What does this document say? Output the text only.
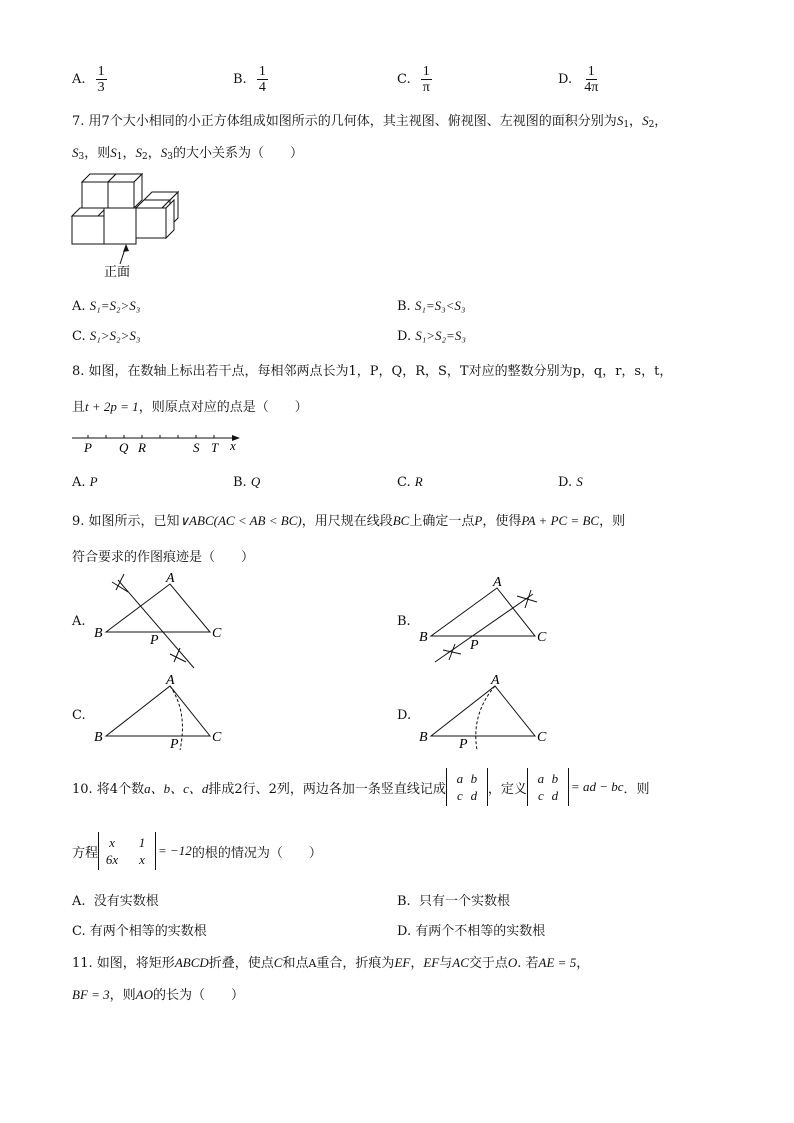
A. $\frac{1}{3}$	B. $\frac{1}{4}$	C. $\frac{1}{\pi}$	D. $\frac{1}{4\pi}$
7. 用7个大小相同的小正方体组成如图所示的几何体，其主视图、俯视图、左视图的面积分别为$S_1$，$S_2$，
$S_3$，则$S_1$，$S_2$，$S_3$的大小关系为（　　）
正面
A. S₁=S₂>S₃	B. S₁=S₃<S₃
C. S₁>S₂>S₃	D. S₁>S₂=S₃
8. 如图，在数轴上标出若干点，每相邻两点长为1，P，Q，R，S，T对应的整数分别为p，q，r，s，t，
且t + 2p = 1，则原点对应的点是（　　）
P Q R	S T x
A. P	B. Q	C. R	D. S
9. 如图所示，已知∨ABC(AC < AB < BC)，用尺规在线段BC上确定一点P，使得PA + PC = BC，则
符合要求的作图痕迹是（　　）
A.
A
B	C
P
B.
A
B	C
P
C.
A
B	C
P
D.
A
B	C
P
10. 将4个数 a、b、c、d 排成2行、2列，两边各加一条竖直线记成
a b
c d ，定义
a b
c d
= ad − bc ．则
方程
x	1
6x	x
= −12 的根的情况为（　　）
A. 没有实数根	B. 只有一个实数根
C. 有两个相等的实数根	D. 有两个不相等的实数根
11. 如图，将矩形ABCD折叠，使点C和点A重合，折痕为EF，EF与AC交于点O. 若AE = 5，
BF = 3，则AO的长为（　　）
